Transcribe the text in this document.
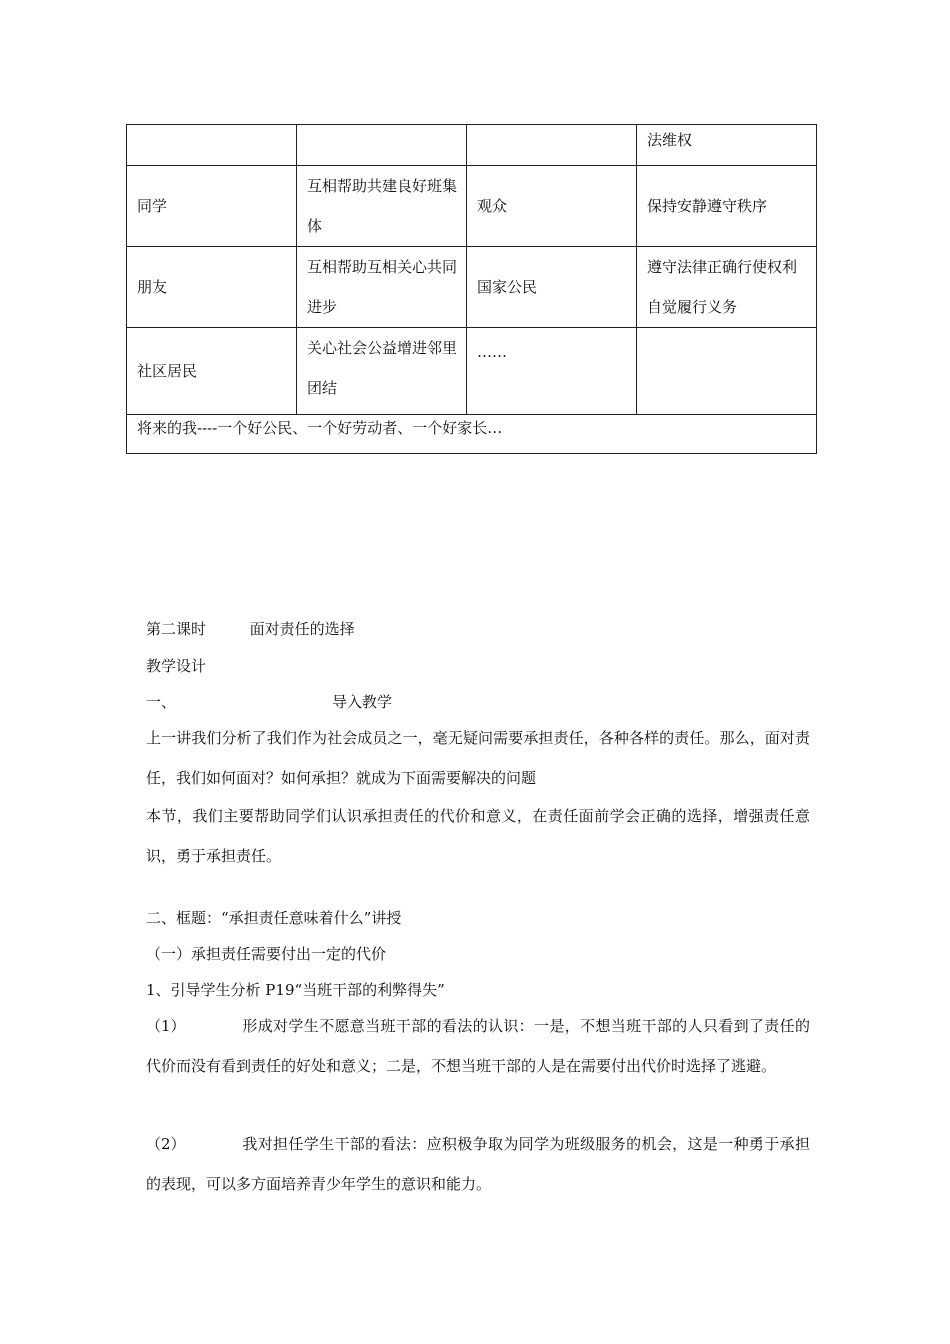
			法维权
同学	互相帮助共建良好班集体	观众	保持安静遵守秩序
朋友	互相帮助互相关心共同进步	国家公民	遵守法律正确行使权利自觉履行义务
社区居民	关心社会公益增进邻里团结	……	
将来的我----一个好公民、一个好劳动者、一个好家长…			
第二课时	面对责任的选择
教学设计
一、	导入教学
上一讲我们分析了我们作为社会成员之一，毫无疑问需要承担责任，各种各样的责任。那么，面对责任，我们如何面对？如何承担？就成为下面需要解决的问题
本节，我们主要帮助同学们认识承担责任的代价和意义，在责任面前学会正确的选择，增强责任意识，勇于承担责任。
二、框题：“承担责任意味着什么”讲授
（一）承担责任需要付出一定的代价
1、引导学生分析 P19“当班干部的利弊得失”
（1）	形成对学生不愿意当班干部的看法的认识：一是，不想当班干部的人只看到了责任的代价而没有看到责任的好处和意义；二是，不想当班干部的人是在需要付出代价时选择了逃避。
（2）	我对担任学生干部的看法：应积极争取为同学为班级服务的机会，这是一种勇于承担的表现，可以多方面培养青少年学生的意识和能力。
